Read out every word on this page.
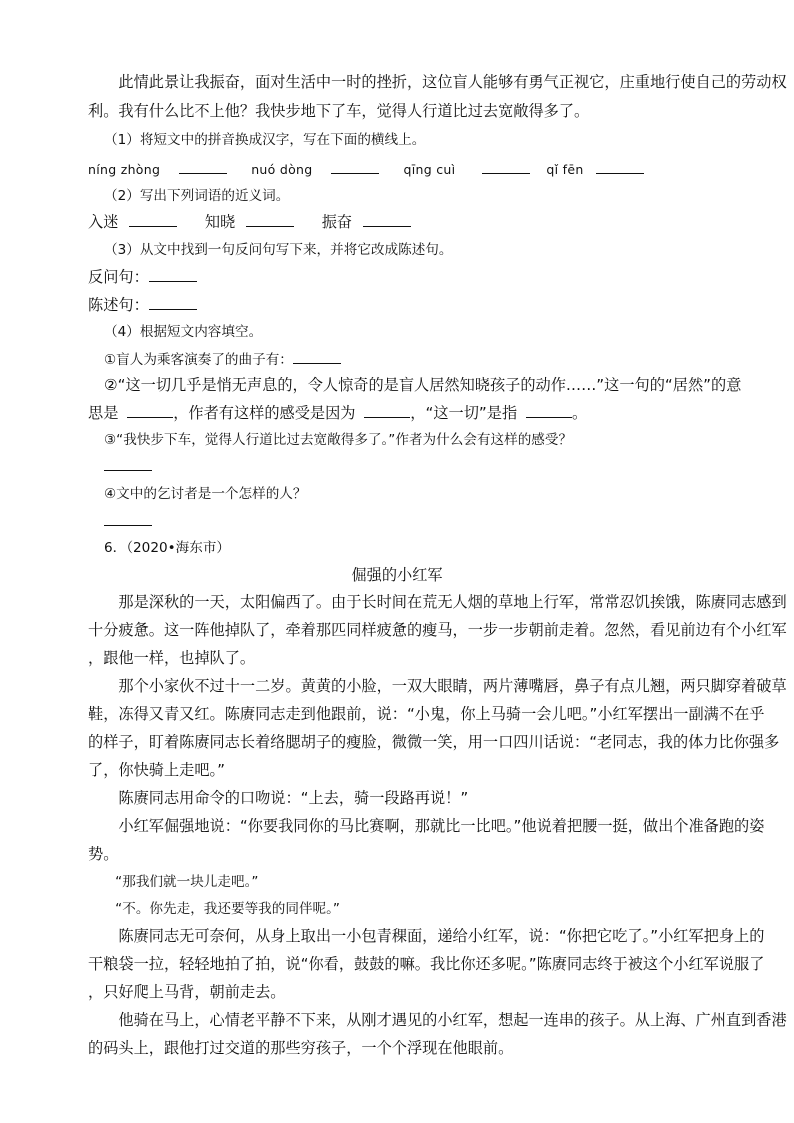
　　此情此景让我振奋，面对生活中一时的挫折，这位盲人能够有勇气正视它，庄重地行使自己的劳动权
利。我有什么比不上他？我快步地下了车，觉得人行道比过去宽敞得多了。
（1）将短文中的拼音换成汉字，写在下面的横线上。
níng zhòng	nuó dòng	qīng cuì	qǐ fēn
（2）写出下列词语的近义词。
入迷	知晓	振奋
（3）从文中找到一句反问句写下来，并将它改成陈述句。
反问句：
陈述句：
（4）根据短文内容填空。
①盲人为乘客演奏了的曲子有：
②“这一切几乎是悄无声息的，令人惊奇的是盲人居然知晓孩子的动作……”这一句的“居然”的意
思是	，作者有这样的感受是因为	，“这一切”是指	。
③“我快步下车，觉得人行道比过去宽敞得多了。”作者为什么会有这样的感受？
④文中的乞讨者是一个怎样的人？
6．（2020•海东市）
倔强的小红军
　　那是深秋的一天，太阳偏西了。由于长时间在荒无人烟的草地上行军，常常忍饥挨饿，陈赓同志感到
十分疲惫。这一阵他掉队了，牵着那匹同样疲惫的瘦马，一步一步朝前走着。忽然，看见前边有个小红军
，跟他一样，也掉队了。
　　那个小家伙不过十一二岁。黄黄的小脸，一双大眼睛，两片薄嘴唇，鼻子有点儿翘，两只脚穿着破草
鞋，冻得又青又红。陈赓同志走到他跟前，说：“小鬼，你上马骑一会儿吧。”小红军摆出一副满不在乎
的样子，盯着陈赓同志长着络腮胡子的瘦脸，微微一笑，用一口四川话说：“老同志，我的体力比你强多
了，你快骑上走吧。”
　　陈赓同志用命令的口吻说：“上去，骑一段路再说！”
　　小红军倔强地说：“你要我同你的马比赛啊，那就比一比吧。”他说着把腰一挺，做出个准备跑的姿
势。
　　“那我们就一块儿走吧。”
　　“不。你先走，我还要等我的同伴呢。”
　　陈赓同志无可奈何，从身上取出一小包青稞面，递给小红军，说：“你把它吃了。”小红军把身上的
干粮袋一拉，轻轻地拍了拍，说“你看，鼓鼓的嘛。我比你还多呢。”陈赓同志终于被这个小红军说服了
，只好爬上马背，朝前走去。
　　他骑在马上，心情老平静不下来，从刚才遇见的小红军，想起一连串的孩子。从上海、广州直到香港
的码头上，跟他打过交道的那些穷孩子，一个个浮现在他眼前。
